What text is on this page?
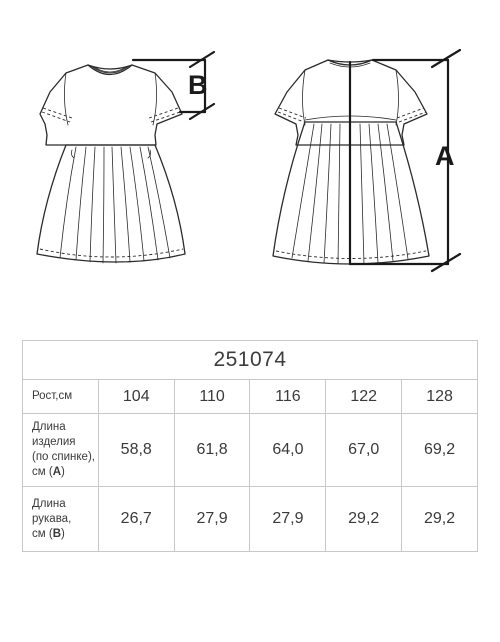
B
A
251074					
Рост,см	104	110	116	122	128
Длина изделия
(по спинке),
см (A)	58,8	61,8	64,0	67,0	69,2
Длина рукава,
см (B)	26,7	27,9	27,9	29,2	29,2
